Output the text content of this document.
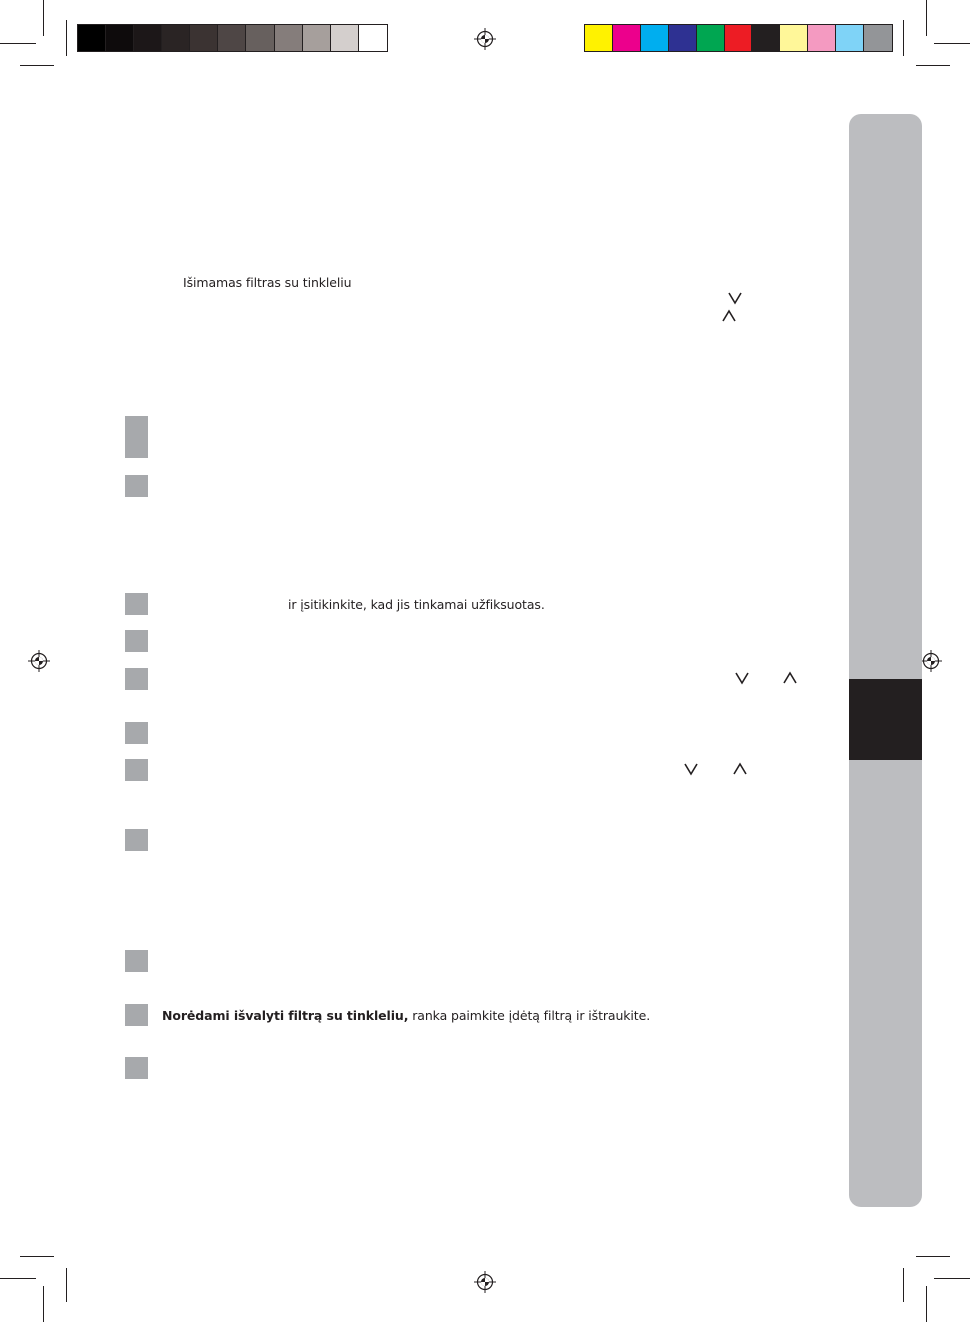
Išimamas filtras su tinkleliu
ir įsitikinkite, kad jis tinkamai užfiksuotas.
Norėdami išvalyti filtrą su tinkleliu, ranka paimkite įdėtą filtrą ir ištraukite.
